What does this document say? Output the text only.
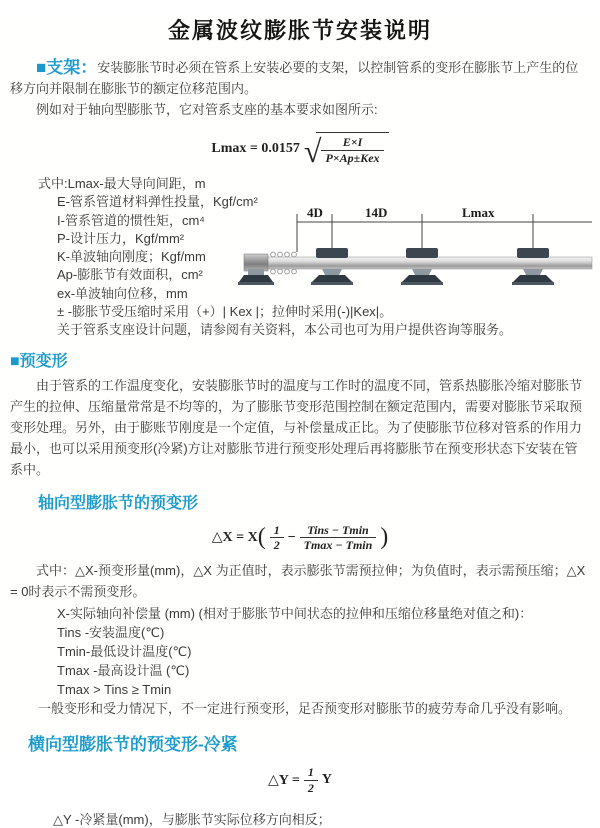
金属波纹膨胀节安装说明

■支架：安装膨胀节时必须在管系上安装必要的支架，以控制管系的变形在膨胀节上产生的位移方向并限制在膨胀节的额定位移范围内。

例如对于轴向型膨胀节，它对管系支座的基本要求如图所示:

Lmax = 0.0157 √ $\frac{E\times I}{\text{P×Ap±Kex}}$
式中:Lmax-最大导向间距，m
E-管系管道材料弹性投量，Kgf/cm²
I-管系管道的惯性矩，cm⁴
P-设计压力，Kgf/mm²
K-单波轴向刚度；Kgf/mm
Ap-膨胀节有效面积，cm²
ex-单波轴向位移，mm
± -膨胀节受压缩时采用（+）| Kex |；拉伸时采用(-)|Kex|。
关于管系支座设计问题，请参阅有关资料，本公司也可为用户提供咨询等服务。
■预变形

由于管系的工作温度变化，安装膨胀节时的温度与工作时的温度不同，管系热膨胀冷缩对膨胀节产生的拉伸、压缩量常常是不均等的，为了膨胀节变形范围控制在额定范围内，需要对膨胀节采取预变形处理。另外，由于膨账节刚度是一个定值，与补偿量成正比。为了使膨胀节位移对管系的作用力最小，也可以采用预变形(冷紧)方让对膨胀节进行预变形处理后再将膨胀节在预变形状态下安装在管系中。

轴向型膨胀节的预变形
△X = X ( $\frac{1}{2} - \frac{\text{Tins − Tmin}}{Tmax - Tmin}$ )

式中：△X-预变形量(mm)，△X 为正值时，表示膨张节需预拉伸；为负值时，表示需预压缩；△X = 0时表示不需预变形。

X-实际轴向补偿量 (mm) (相对于膨胀节中间状态的拉伸和压缩位移量绝对值之和)：
Tins -安装温度(℃)
Tmin-最低设计温度(℃)
Tmax -最高设计温 (℃)
Tmax > Tins ≥ Tmin
一般变形和受力情况下，不一定进行预变形，足否预变形对膨胀节的疲劳寿命几乎没有影响。
横向型膨胀节的预变形-冷紧
△Y = $\frac{1}{2}$ Y
△Y -冷紧量(mm)，与膨胀节实际位移方向相反；
4D	14D	Lmax
